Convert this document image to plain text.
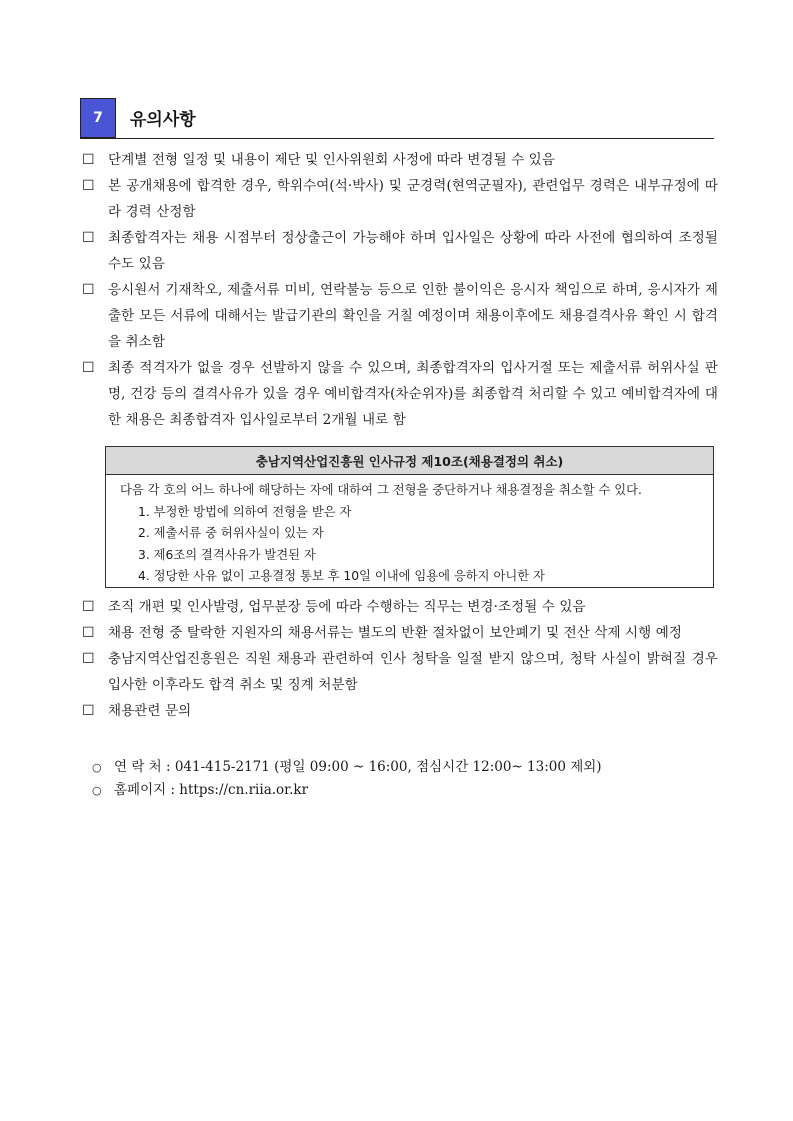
7	유의사항
☐ 단계별 전형 일정 및 내용이 제단 및 인사위원회 사정에 따라 변경될 수 있음
☐ 본 공개채용에 합격한 경우, 학위수여(석·박사) 및 군경력(현역군필자), 관련업무 경력은 내부규정에 따라 경력 산정함
☐ 최종합격자는 채용 시점부터 정상출근이 가능해야 하며 입사일은 상황에 따라 사전에 협의하여 조정될 수도 있음
☐ 응시원서 기재착오, 제출서류 미비, 연락불능 등으로 인한 불이익은 응시자 책임으로 하며, 응시자가 제출한 모든 서류에 대해서는 발급기관의 확인을 거칠 예정이며 채용이후에도 채용결격사유 확인 시 합격을 취소함
☐ 최종 적격자가 없을 경우 선발하지 않을 수 있으며, 최종합격자의 입사거절 또는 제출서류 허위사실 판명, 건강 등의 결격사유가 있을 경우 예비합격자(차순위자)를 최종합격 처리할 수 있고 예비합격자에 대한 채용은 최종합격자 입사일로부터 2개월 내로 함
충남지역산업진흥원 인사규정 제10조(채용결정의 취소)
다음 각 호의 어느 하나에 해당하는 자에 대하여 그 전형을 중단하거나 채용결정을 취소할 수 있다.
1. 부정한 방법에 의하여 전형을 받은 자
2. 제출서류 중 허위사실이 있는 자
3. 제6조의 결격사유가 발견된 자
4. 정당한 사유 없이 고용결정 통보 후 10일 이내에 임용에 응하지 아니한 자
☐ 조직 개편 및 인사발령, 업무분장 등에 따라 수행하는 직무는 변경·조정될 수 있음
☐ 채용 전형 중 탈락한 지원자의 채용서류는 별도의 반환 절차없이 보안폐기 및 전산 삭제 시행 예정
☐ 충남지역산업진흥원은 직원 채용과 관련하여 인사 청탁을 일절 받지 않으며, 청탁 사실이 밝혀질 경우 입사한 이후라도 합격 취소 및 징계 처분함
☐ 채용관련 문의
○ 연 락 처 : 041-415-2171 (평일 09:00 ~ 16:00, 점심시간 12:00~ 13:00 제외)
○ 홈페이지 : https://cn.riia.or.kr
